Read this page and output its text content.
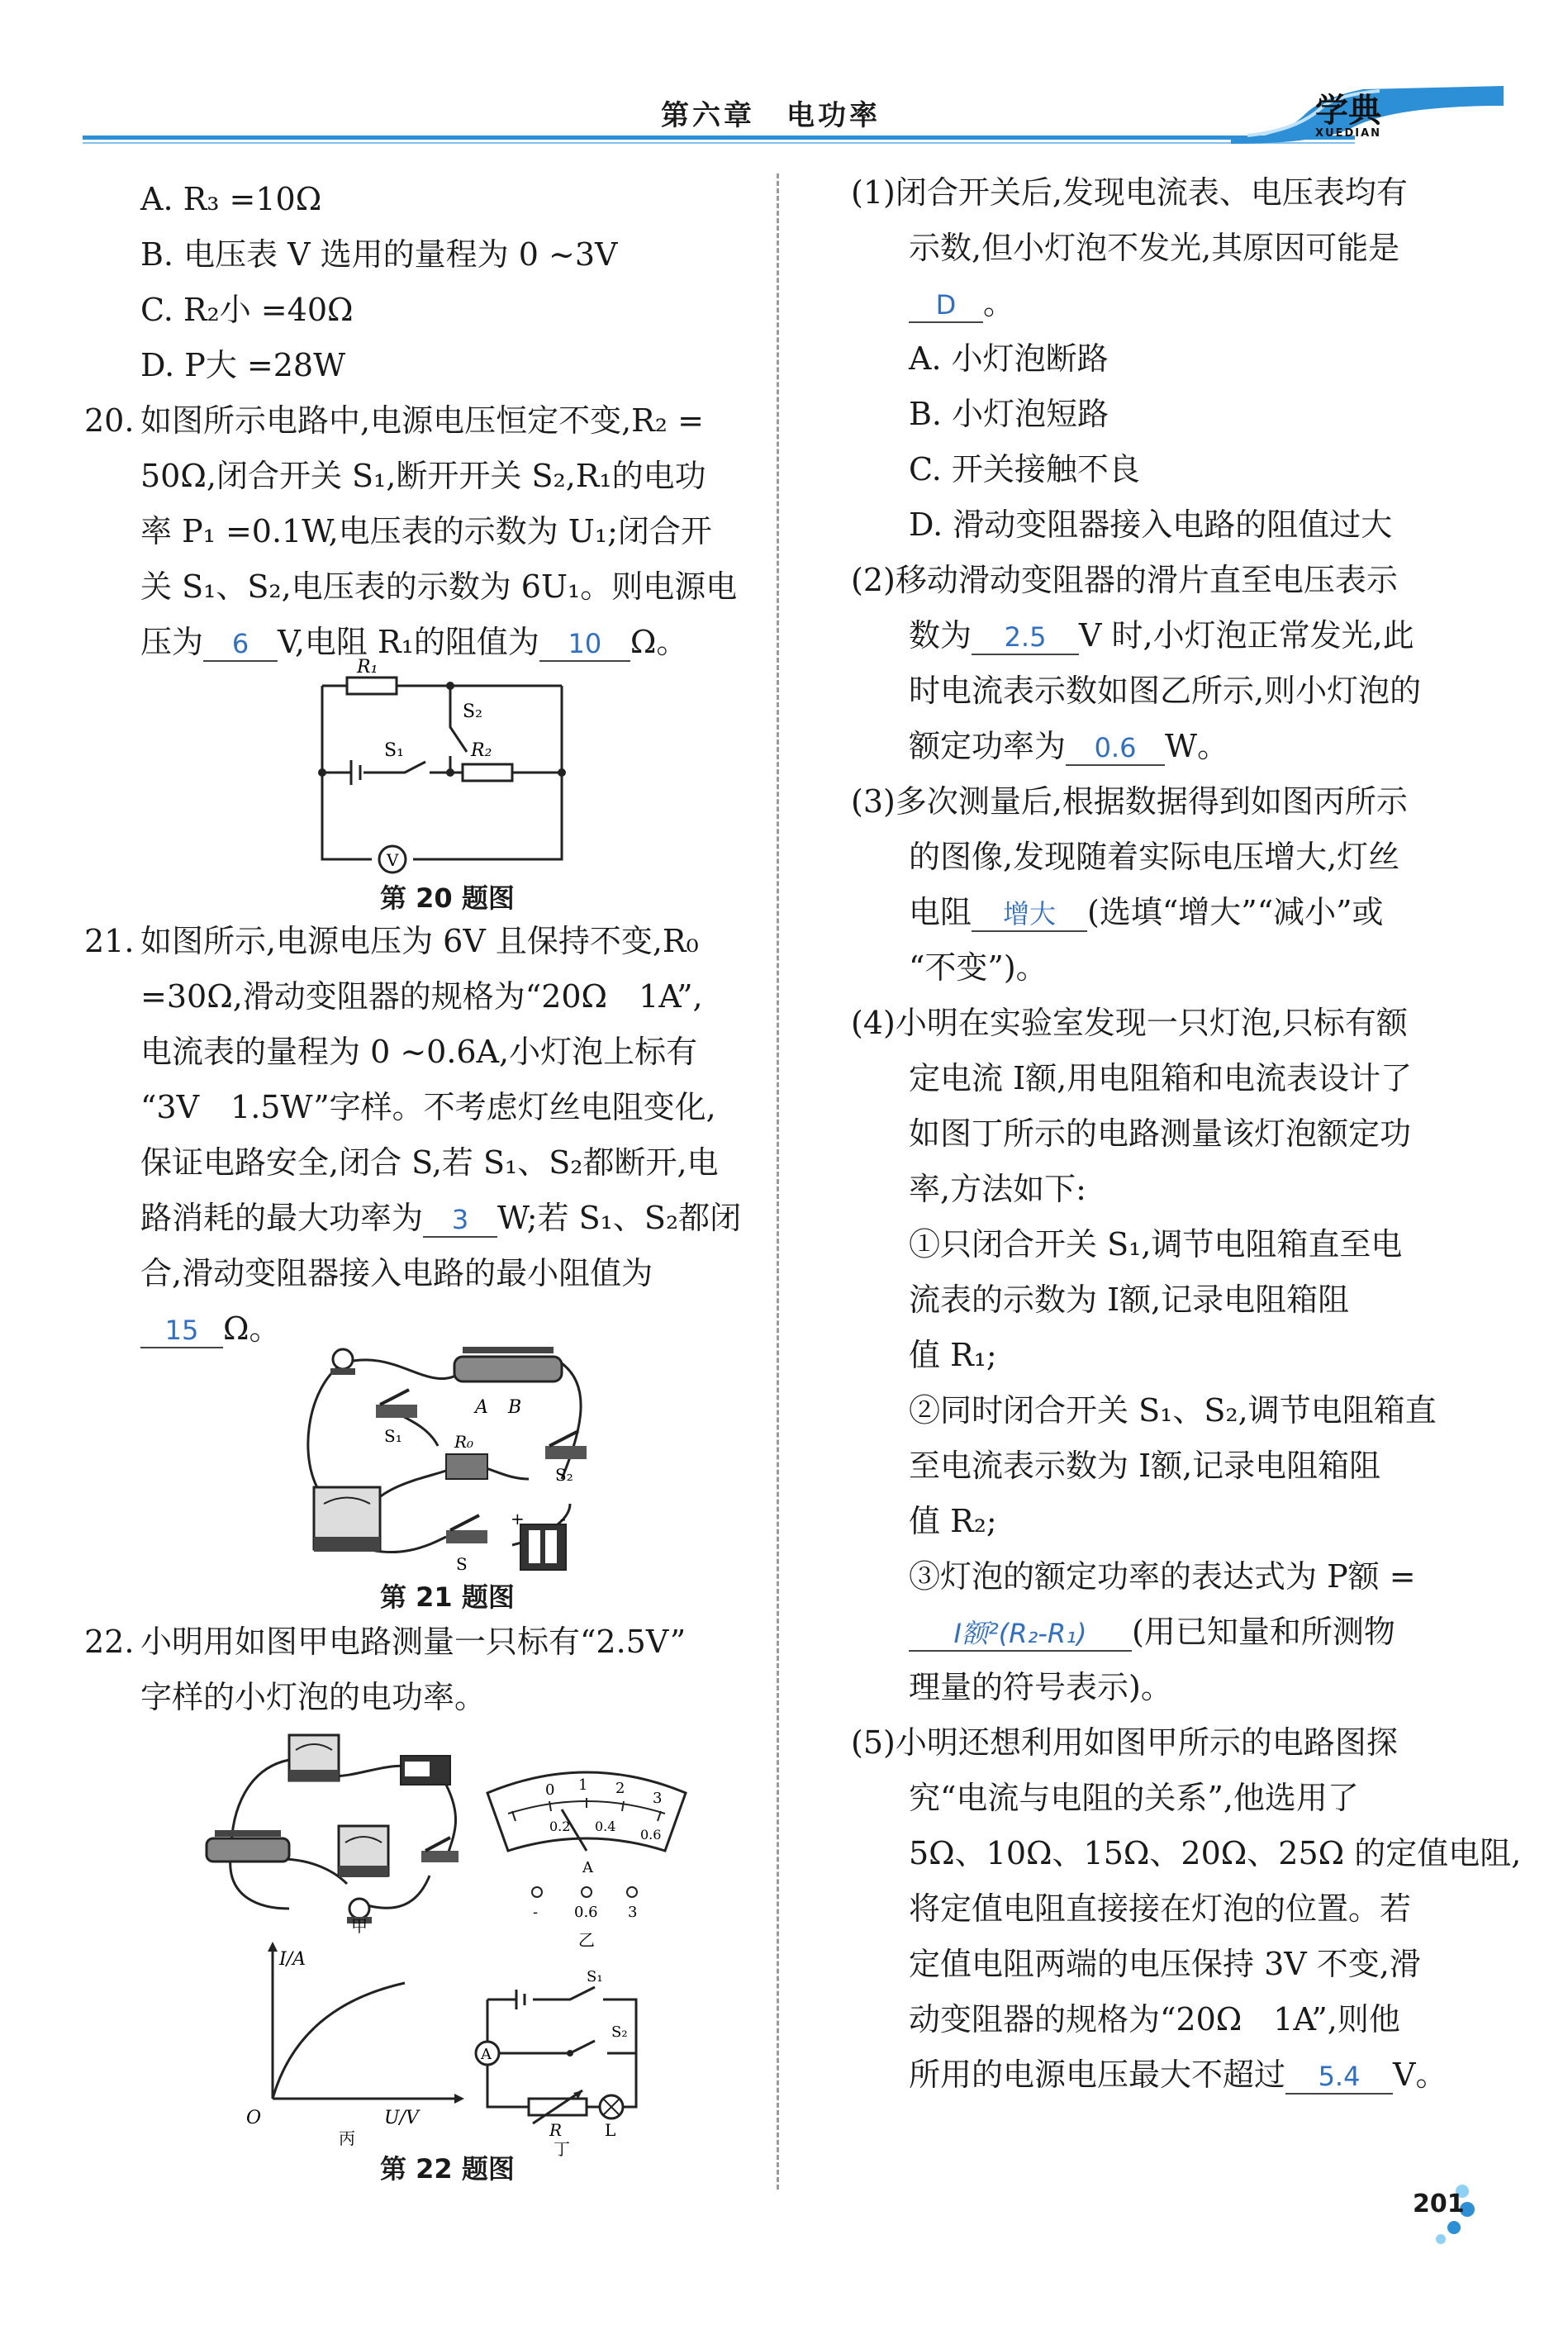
第六章　电功率	学典
XUEDIAN
A. R₃ =10Ω
B. 电压表 V 选用的量程为 0 ~3V
C. R₂小 =40Ω
D. P大 =28W
20. 如图所示电路中,电源电压恒定不变,R₂ =
50Ω,闭合开关 S₁,断开开关 S₂,R₁的电功
率 P₁ =0.1W,电压表的示数为 U₁;闭合开
关 S₁、S₂,电压表的示数为 6U₁。则电源电
压为 6 V,电阻 R₁的阻值为 10 Ω。
V
R₁
R₂
S₁
S₂
第 20 题图
21. 如图所示,电源电压为 6V 且保持不变,R₀
=30Ω,滑动变阻器的规格为“20Ω　1A”,
电流表的量程为 0 ~0.6A,小灯泡上标有
“3V　1.5W”字样。不考虑灯丝电阻变化,
保证电路安全,闭合 S,若 S₁、S₂都断开,电
路消耗的最大功率为 3 W;若 S₁、S₂都闭
合,滑动变阻器接入电路的最小阻值为
15 Ω。
A B
S₁
S₂
R₀
S
+ -
第 21 题图
22. 小明用如图甲电路测量一只标有“2.5V”
字样的小灯泡的电功率。
甲
0 1 2
3
0.2 0.4
0.6
A
- 0.6 3
乙
I/A
U/V
O
丙
A
S₁
S₂
R	L
丁
第 22 题图
(1)闭合开关后,发现电流表、电压表均有
示数,但小灯泡不发光,其原因可能是
D 。
A. 小灯泡断路
B. 小灯泡短路
C. 开关接触不良
D. 滑动变阻器接入电路的阻值过大
(2)移动滑动变阻器的滑片直至电压表示
数为 2.5 V 时,小灯泡正常发光,此
时电流表示数如图乙所示,则小灯泡的
额定功率为 0.6 W。
(3)多次测量后,根据数据得到如图丙所示
的图像,发现随着实际电压增大,灯丝
电阻 增大 (选填“增大”“减小”或
“不变”)。
(4)小明在实验室发现一只灯泡,只标有额
定电流 I额,用电阻箱和电流表设计了
如图丁所示的电路测量该灯泡额定功
率,方法如下:
①只闭合开关 S₁,调节电阻箱直至电
流表的示数为 I额,记录电阻箱阻
值 R₁;
②同时闭合开关 S₁、S₂,调节电阻箱直
至电流表示数为 I额,记录电阻箱阻
值 R₂;
③灯泡的额定功率的表达式为 P额 =
I额²(R₂-R₁) (用已知量和所测物
理量的符号表示)。
(5)小明还想利用如图甲所示的电路图探
究“电流与电阻的关系”,他选用了
5Ω、10Ω、15Ω、20Ω、25Ω 的定值电阻,
将定值电阻直接接在灯泡的位置。若
定值电阻两端的电压保持 3V 不变,滑
动变阻器的规格为“20Ω　1A”,则他
所用的电源电压最大不超过 5.4 V。
201
